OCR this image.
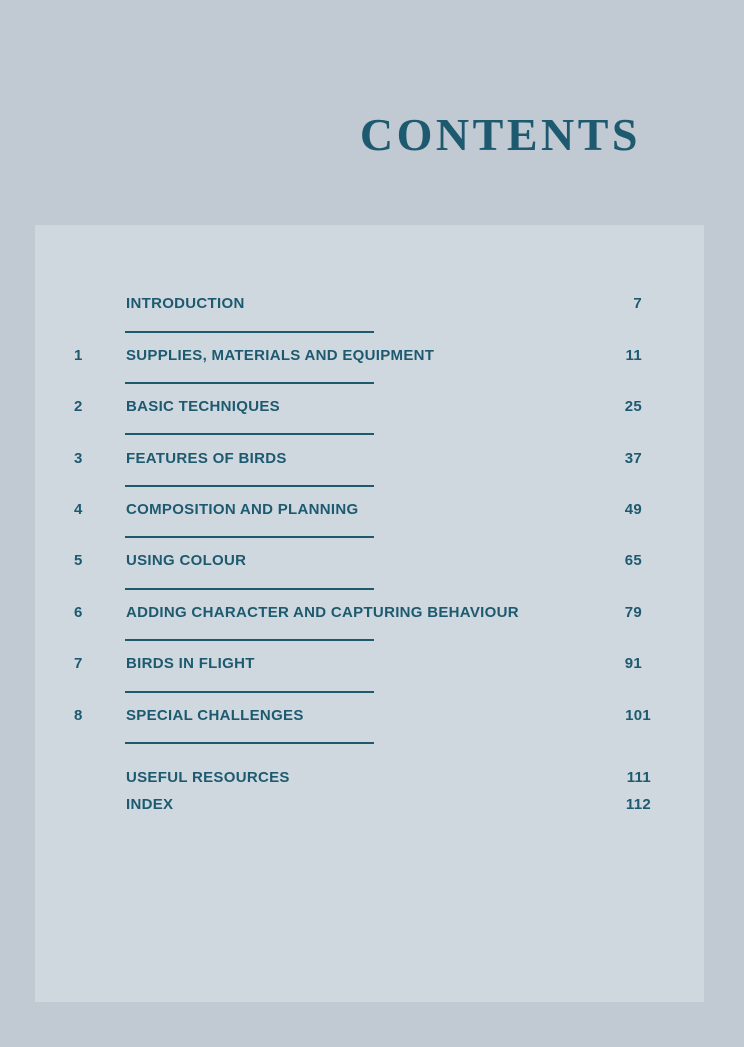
CONTENTS
INTRODUCTION	7
1	SUPPLIES, MATERIALS AND EQUIPMENT	11
2	BASIC TECHNIQUES	25
3	FEATURES OF BIRDS	37
4	COMPOSITION AND PLANNING	49
5	USING COLOUR	65
6	ADDING CHARACTER AND CAPTURING BEHAVIOUR	79
7	BIRDS IN FLIGHT	91
8	SPECIAL CHALLENGES	101
USEFUL RESOURCES	111
INDEX	112
